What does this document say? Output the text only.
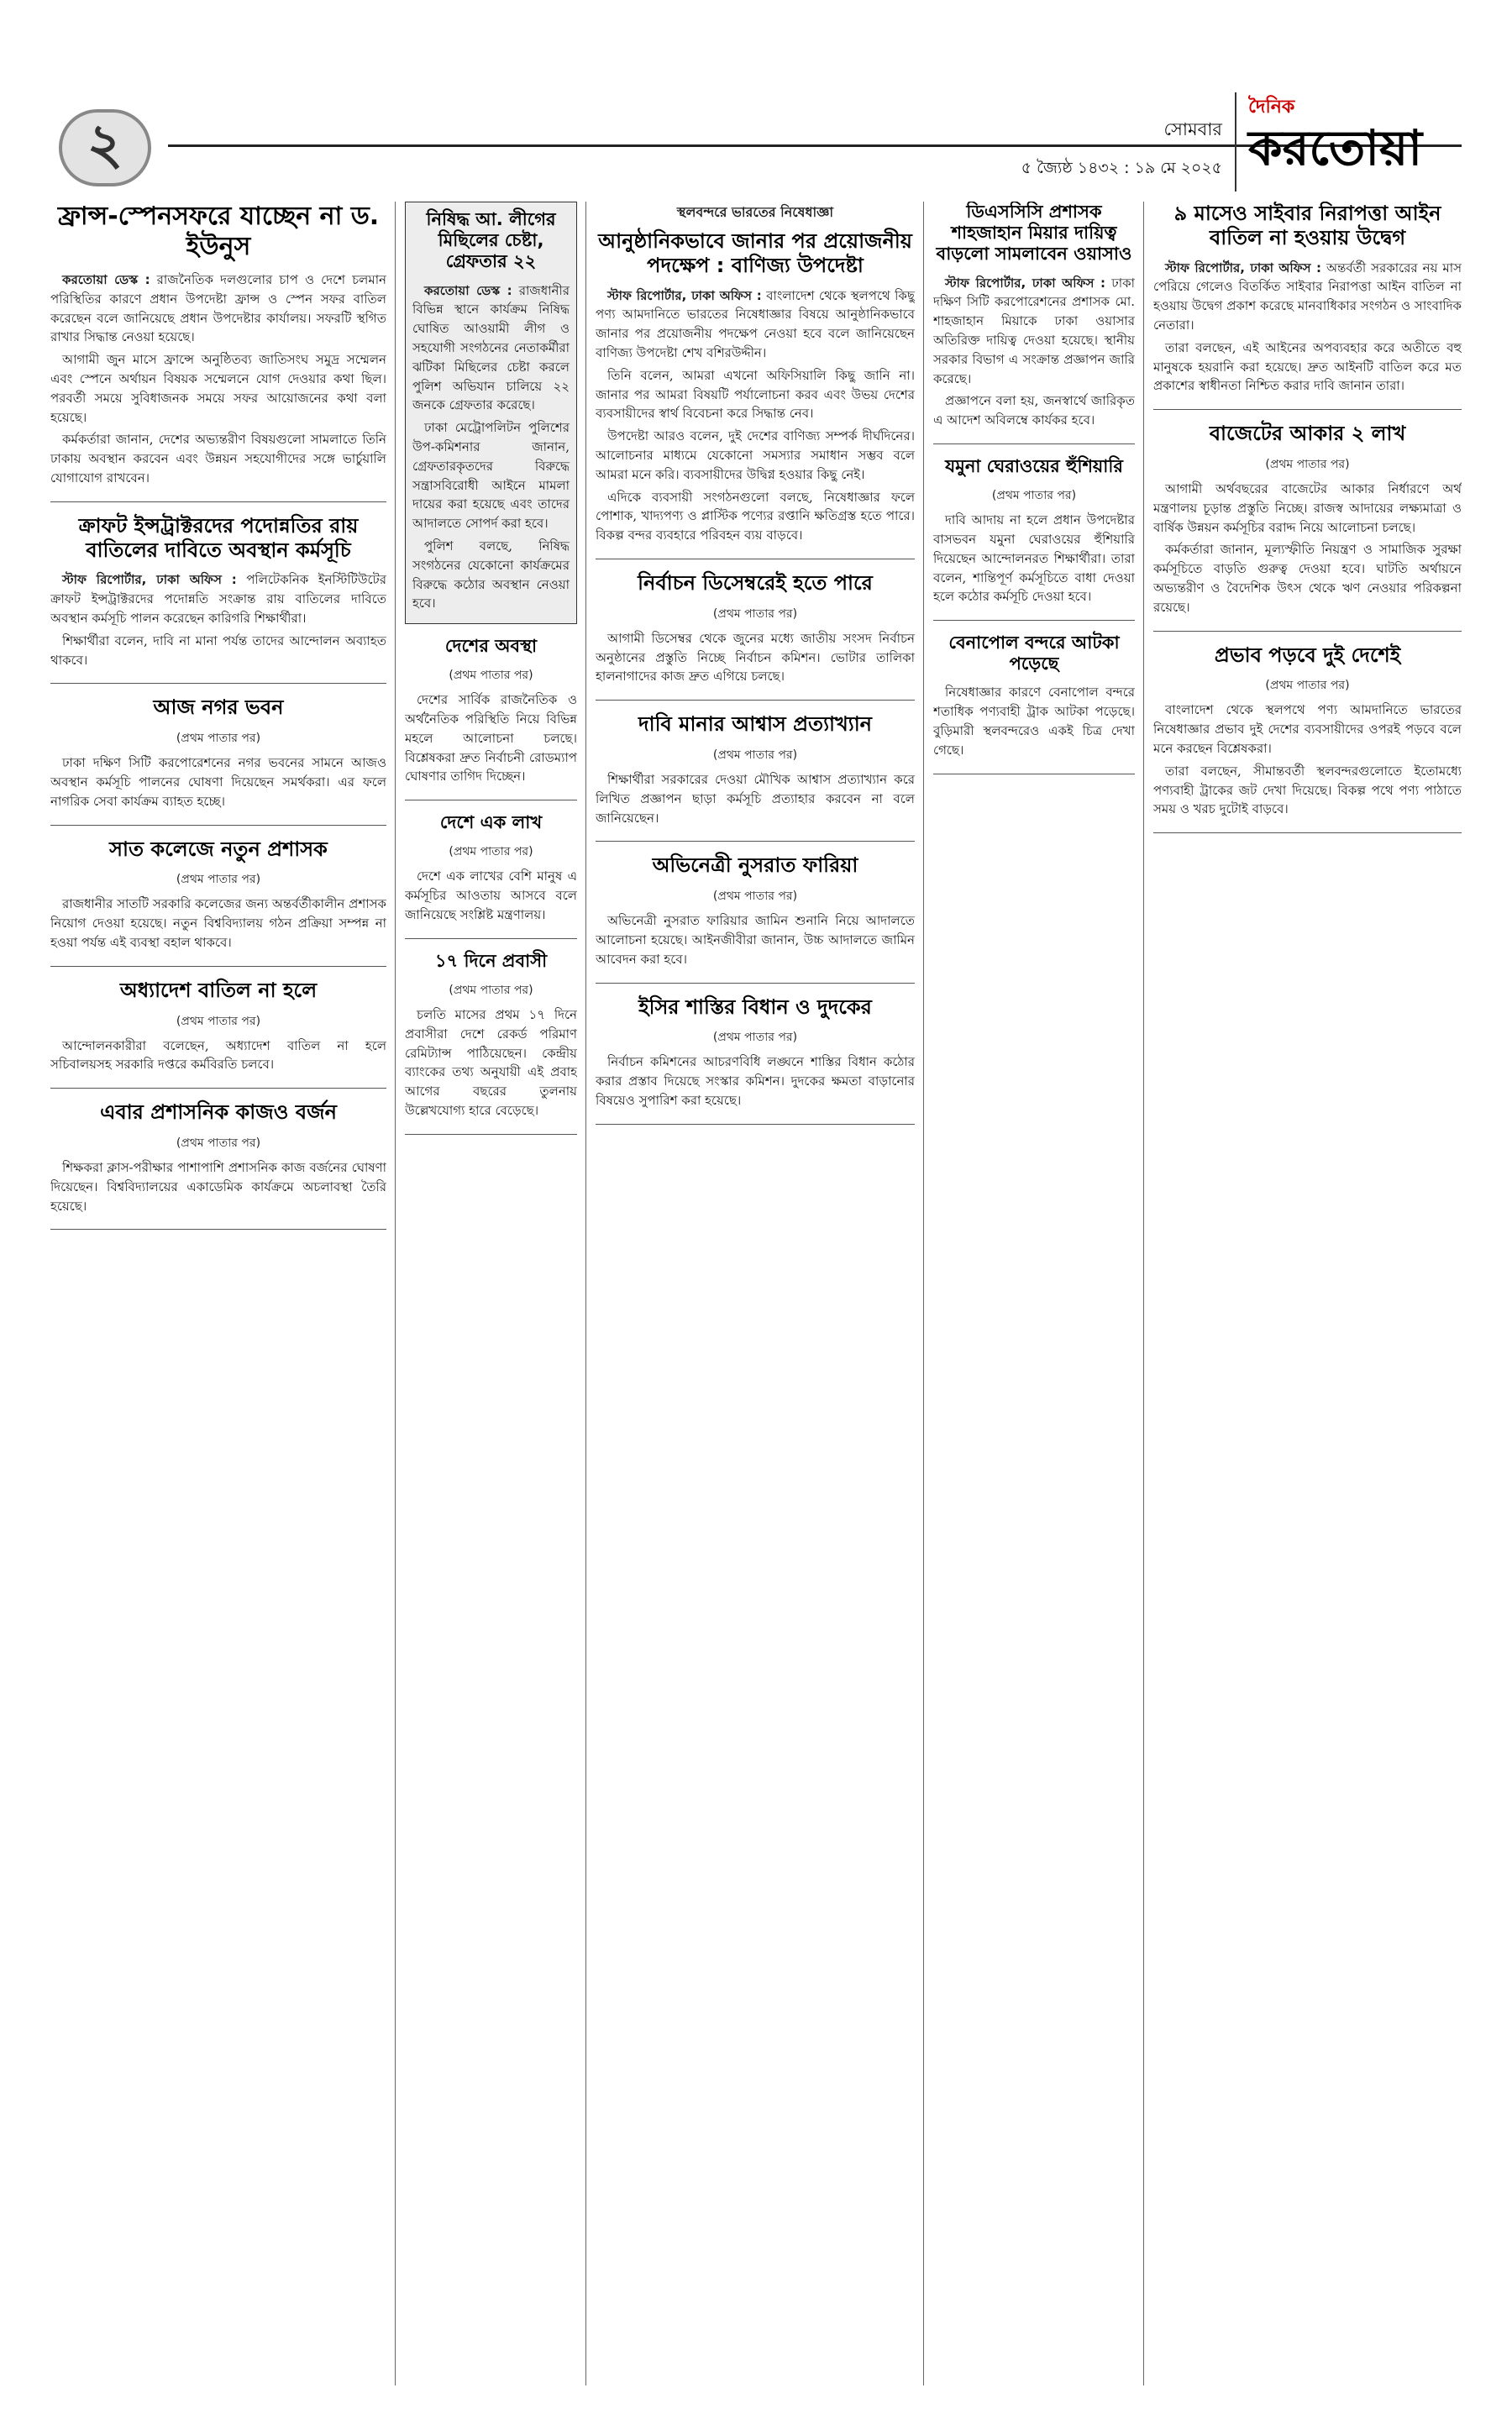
২	সোমবার
৫ জ্যৈষ্ঠ ১৪৩২ : ১৯ মে ২০২৫
দৈনিক
করতোয়া
ফ্রান্স-স্পেনসফরে যাচ্ছেন না ড. ইউনুস

করতোয়া ডেস্ক : রাজনৈতিক দলগুলোর চাপ ও দেশে চলমান পরিস্থিতির কারণে প্রধান উপদেষ্টা ফ্রান্স ও স্পেন সফর বাতিল করেছেন বলে জানিয়েছে প্রধান উপদেষ্টার কার্যালয়। সফরটি স্থগিত রাখার সিদ্ধান্ত নেওয়া হয়েছে।

আগামী জুন মাসে ফ্রান্সে অনুষ্ঠিতব্য জাতিসংঘ সমুদ্র সম্মেলন এবং স্পেনে অর্থায়ন বিষয়ক সম্মেলনে যোগ দেওয়ার কথা ছিল। পরবর্তী সময়ে সুবিধাজনক সময়ে সফর আয়োজনের কথা বলা হয়েছে।

কর্মকর্তারা জানান, দেশের অভ্যন্তরীণ বিষয়গুলো সামলাতে তিনি ঢাকায় অবস্থান করবেন এবং উন্নয়ন সহযোগীদের সঙ্গে ভার্চুয়ালি যোগাযোগ রাখবেন।

ক্রাফট ইন্সট্রাক্টরদের পদোন্নতির রায় বাতিলের দাবিতে অবস্থান কর্মসূচি

স্টাফ রিপোর্টার, ঢাকা অফিস : পলিটেকনিক ইনস্টিটিউটের ক্রাফট ইন্সট্রাক্টরদের পদোন্নতি সংক্রান্ত রায় বাতিলের দাবিতে অবস্থান কর্মসূচি পালন করেছেন কারিগরি শিক্ষার্থীরা।

শিক্ষার্থীরা বলেন, দাবি না মানা পর্যন্ত তাদের আন্দোলন অব্যাহত থাকবে।

আজ নগর ভবন
(প্রথম পাতার পর)

ঢাকা দক্ষিণ সিটি করপোরেশনের নগর ভবনের সামনে আজও অবস্থান কর্মসূচি পালনের ঘোষণা দিয়েছেন সমর্থকরা। এর ফলে নাগরিক সেবা কার্যক্রম ব্যাহত হচ্ছে।

সাত কলেজে নতুন প্রশাসক
(প্রথম পাতার পর)

রাজধানীর সাতটি সরকারি কলেজের জন্য অন্তর্বর্তীকালীন প্রশাসক নিয়োগ দেওয়া হয়েছে। নতুন বিশ্ববিদ্যালয় গঠন প্রক্রিয়া সম্পন্ন না হওয়া পর্যন্ত এই ব্যবস্থা বহাল থাকবে।

অধ্যাদেশ বাতিল না হলে
(প্রথম পাতার পর)

আন্দোলনকারীরা বলেছেন, অধ্যাদেশ বাতিল না হলে সচিবালয়সহ সরকারি দপ্তরে কর্মবিরতি চলবে।

এবার প্রশাসনিক কাজও বর্জন
(প্রথম পাতার পর)

শিক্ষকরা ক্লাস-পরীক্ষার পাশাপাশি প্রশাসনিক কাজ বর্জনের ঘোষণা দিয়েছেন। বিশ্ববিদ্যালয়ের একাডেমিক কার্যক্রমে অচলাবস্থা তৈরি হয়েছে।

নিষিদ্ধ আ. লীগের মিছিলের চেষ্টা, গ্রেফতার ২২

করতোয়া ডেস্ক : রাজধানীর বিভিন্ন স্থানে কার্যক্রম নিষিদ্ধ ঘোষিত আওয়ামী লীগ ও সহযোগী সংগঠনের নেতাকর্মীরা ঝটিকা মিছিলের চেষ্টা করলে পুলিশ অভিযান চালিয়ে ২২ জনকে গ্রেফতার করেছে।

ঢাকা মেট্রোপলিটন পুলিশের উপ-কমিশনার জানান, গ্রেফতারকৃতদের বিরুদ্ধে সন্ত্রাসবিরোধী আইনে মামলা দায়ের করা হয়েছে এবং তাদের আদালতে সোপর্দ করা হবে।

পুলিশ বলছে, নিষিদ্ধ সংগঠনের যেকোনো কার্যক্রমের বিরুদ্ধে কঠোর অবস্থান নেওয়া হবে।

দেশের অবস্থা
(প্রথম পাতার পর)

দেশের সার্বিক রাজনৈতিক ও অর্থনৈতিক পরিস্থিতি নিয়ে বিভিন্ন মহলে আলোচনা চলছে। বিশ্লেষকরা দ্রুত নির্বাচনী রোডম্যাপ ঘোষণার তাগিদ দিচ্ছেন।

দেশে এক লাখ
(প্রথম পাতার পর)

দেশে এক লাখের বেশি মানুষ এ কর্মসূচির আওতায় আসবে বলে জানিয়েছে সংশ্লিষ্ট মন্ত্রণালয়।

১৭ দিনে প্রবাসী
(প্রথম পাতার পর)

চলতি মাসের প্রথম ১৭ দিনে প্রবাসীরা দেশে রেকর্ড পরিমাণ রেমিট্যান্স পাঠিয়েছেন। কেন্দ্রীয় ব্যাংকের তথ্য অনুযায়ী এই প্রবাহ আগের বছরের তুলনায় উল্লেখযোগ্য হারে বেড়েছে।

স্থলবন্দরে ভারতের নিষেধাজ্ঞা
আনুষ্ঠানিকভাবে জানার পর প্রয়োজনীয় পদক্ষেপ : বাণিজ্য উপদেষ্টা

স্টাফ রিপোর্টার, ঢাকা অফিস : বাংলাদেশ থেকে স্থলপথে কিছু পণ্য আমদানিতে ভারতের নিষেধাজ্ঞার বিষয়ে আনুষ্ঠানিকভাবে জানার পর প্রয়োজনীয় পদক্ষেপ নেওয়া হবে বলে জানিয়েছেন বাণিজ্য উপদেষ্টা শেখ বশিরউদ্দীন।

তিনি বলেন, আমরা এখনো অফিসিয়ালি কিছু জানি না। জানার পর আমরা বিষয়টি পর্যালোচনা করব এবং উভয় দেশের ব্যবসায়ীদের স্বার্থ বিবেচনা করে সিদ্ধান্ত নেব।

উপদেষ্টা আরও বলেন, দুই দেশের বাণিজ্য সম্পর্ক দীর্ঘদিনের। আলোচনার মাধ্যমে যেকোনো সমস্যার সমাধান সম্ভব বলে আমরা মনে করি। ব্যবসায়ীদের উদ্বিগ্ন হওয়ার কিছু নেই।

এদিকে ব্যবসায়ী সংগঠনগুলো বলছে, নিষেধাজ্ঞার ফলে পোশাক, খাদ্যপণ্য ও প্লাস্টিক পণ্যের রপ্তানি ক্ষতিগ্রস্ত হতে পারে। বিকল্প বন্দর ব্যবহারে পরিবহন ব্যয় বাড়বে।

নির্বাচন ডিসেম্বরেই হতে পারে
(প্রথম পাতার পর)

আগামী ডিসেম্বর থেকে জুনের মধ্যে জাতীয় সংসদ নির্বাচন অনুষ্ঠানের প্রস্তুতি নিচ্ছে নির্বাচন কমিশন। ভোটার তালিকা হালনাগাদের কাজ দ্রুত এগিয়ে চলছে।

দাবি মানার আশ্বাস প্রত্যাখ্যান
(প্রথম পাতার পর)

শিক্ষার্থীরা সরকারের দেওয়া মৌখিক আশ্বাস প্রত্যাখ্যান করে লিখিত প্রজ্ঞাপন ছাড়া কর্মসূচি প্রত্যাহার করবেন না বলে জানিয়েছেন।

অভিনেত্রী নুসরাত ফারিয়া
(প্রথম পাতার পর)

অভিনেত্রী নুসরাত ফারিয়ার জামিন শুনানি নিয়ে আদালতে আলোচনা হয়েছে। আইনজীবীরা জানান, উচ্চ আদালতে জামিন আবেদন করা হবে।

ইসির শাস্তির বিধান ও দুদকের
(প্রথম পাতার পর)

নির্বাচন কমিশনের আচরণবিধি লঙ্ঘনে শাস্তির বিধান কঠোর করার প্রস্তাব দিয়েছে সংস্কার কমিশন। দুদকের ক্ষমতা বাড়ানোর বিষয়েও সুপারিশ করা হয়েছে।

ডিএসসিসি প্রশাসক শাহজাহান মিয়ার দায়িত্ব বাড়লো সামলাবেন ওয়াসাও

স্টাফ রিপোর্টার, ঢাকা অফিস : ঢাকা দক্ষিণ সিটি করপোরেশনের প্রশাসক মো. শাহজাহান মিয়াকে ঢাকা ওয়াসার অতিরিক্ত দায়িত্ব দেওয়া হয়েছে। স্থানীয় সরকার বিভাগ এ সংক্রান্ত প্রজ্ঞাপন জারি করেছে।

প্রজ্ঞাপনে বলা হয়, জনস্বার্থে জারিকৃত এ আদেশ অবিলম্বে কার্যকর হবে।

যমুনা ঘেরাওয়ের হুঁশিয়ারি
(প্রথম পাতার পর)

দাবি আদায় না হলে প্রধান উপদেষ্টার বাসভবন যমুনা ঘেরাওয়ের হুঁশিয়ারি দিয়েছেন আন্দোলনরত শিক্ষার্থীরা। তারা বলেন, শান্তিপূর্ণ কর্মসূচিতে বাধা দেওয়া হলে কঠোর কর্মসূচি দেওয়া হবে।

বেনাপোল বন্দরে আটকা পড়েছে

নিষেধাজ্ঞার কারণে বেনাপোল বন্দরে শতাধিক পণ্যবাহী ট্রাক আটকা পড়েছে। বুড়িমারী স্থলবন্দরেও একই চিত্র দেখা গেছে।

৯ মাসেও সাইবার নিরাপত্তা আইন বাতিল না হওয়ায় উদ্বেগ

স্টাফ রিপোর্টার, ঢাকা অফিস : অন্তর্বর্তী সরকারের নয় মাস পেরিয়ে গেলেও বিতর্কিত সাইবার নিরাপত্তা আইন বাতিল না হওয়ায় উদ্বেগ প্রকাশ করেছে মানবাধিকার সংগঠন ও সাংবাদিক নেতারা।

তারা বলছেন, এই আইনের অপব্যবহার করে অতীতে বহু মানুষকে হয়রানি করা হয়েছে। দ্রুত আইনটি বাতিল করে মত প্রকাশের স্বাধীনতা নিশ্চিত করার দাবি জানান তারা।

বাজেটের আকার ২ লাখ
(প্রথম পাতার পর)

আগামী অর্থবছরের বাজেটের আকার নির্ধারণে অর্থ মন্ত্রণালয় চূড়ান্ত প্রস্তুতি নিচ্ছে। রাজস্ব আদায়ের লক্ষ্যমাত্রা ও বার্ষিক উন্নয়ন কর্মসূচির বরাদ্দ নিয়ে আলোচনা চলছে।

কর্মকর্তারা জানান, মূল্যস্ফীতি নিয়ন্ত্রণ ও সামাজিক সুরক্ষা কর্মসূচিতে বাড়তি গুরুত্ব দেওয়া হবে। ঘাটতি অর্থায়নে অভ্যন্তরীণ ও বৈদেশিক উৎস থেকে ঋণ নেওয়ার পরিকল্পনা রয়েছে।

প্রভাব পড়বে দুই দেশেই
(প্রথম পাতার পর)

বাংলাদেশ থেকে স্থলপথে পণ্য আমদানিতে ভারতের নিষেধাজ্ঞার প্রভাব দুই দেশের ব্যবসায়ীদের ওপরই পড়বে বলে মনে করছেন বিশ্লেষকরা।

তারা বলছেন, সীমান্তবর্তী স্থলবন্দরগুলোতে ইতোমধ্যে পণ্যবাহী ট্রাকের জট দেখা দিয়েছে। বিকল্প পথে পণ্য পাঠাতে সময় ও খরচ দুটোই বাড়বে।
